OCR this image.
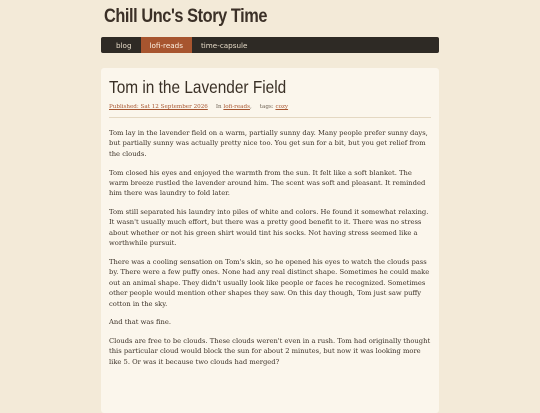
Chill Unc's Story Time
blog	lofi-reads	time-capsule
Tom in the Lavender Field
Published: Sat 12 September 2026 In lofi-reads, tags: cozy

Tom lay in the lavender field on a warm, partially sunny day. Many people prefer sunny days, but partially sunny was actually pretty nice too. You get sun for a bit, but you get relief from the clouds.

Tom closed his eyes and enjoyed the warmth from the sun. It felt like a soft blanket. The warm breeze rustled the lavender around him. The scent was soft and pleasant. It reminded him there was laundry to fold later.

Tom still separated his laundry into piles of white and colors. He found it somewhat relaxing. It wasn't usually much effort, but there was a pretty good benefit to it. There was no stress about whether or not his green shirt would tint his socks. Not having stress seemed like a worthwhile pursuit.

There was a cooling sensation on Tom's skin, so he opened his eyes to watch the clouds pass by. There were a few puffy ones. None had any real distinct shape. Sometimes he could make out an animal shape. They didn't usually look like people or faces he recognized. Sometimes other people would mention other shapes they saw. On this day though, Tom just saw puffy cotton in the sky.

And that was fine.

Clouds are free to be clouds. These clouds weren't even in a rush. Tom had originally thought this particular cloud would block the sun for about 2 minutes, but now it was looking more like 5. Or was it because two clouds had merged?
